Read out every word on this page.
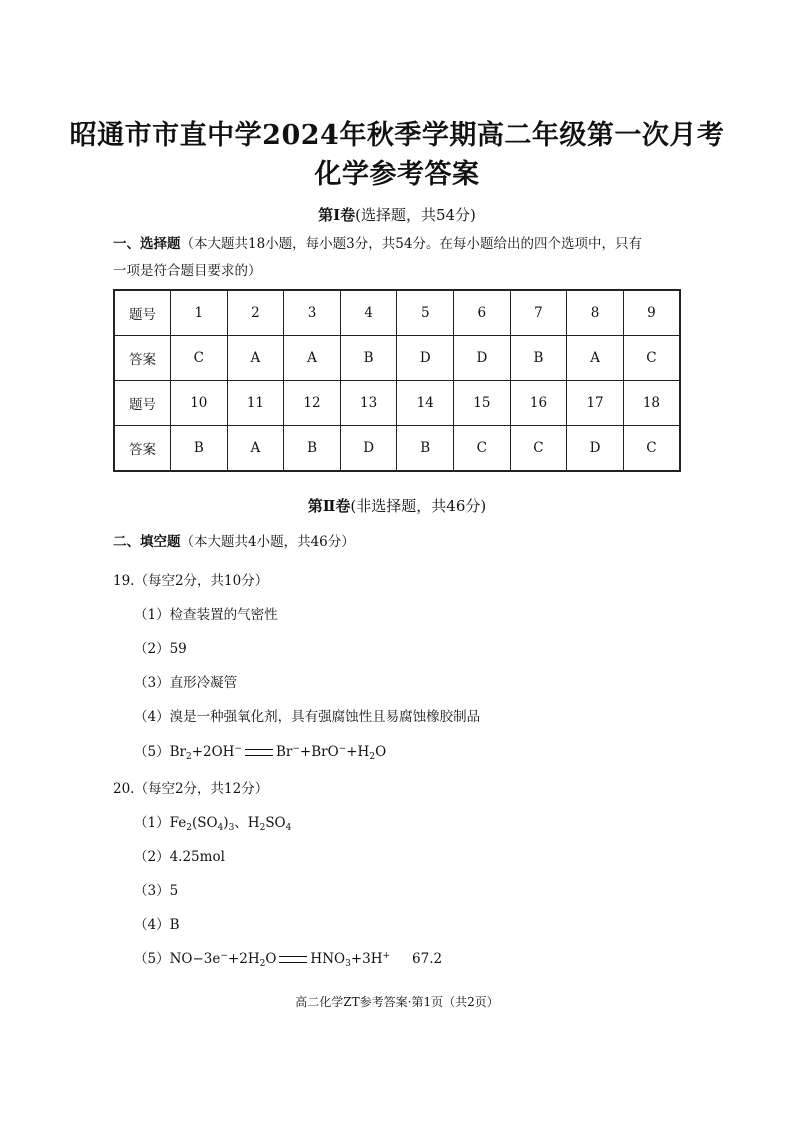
昭通市市直中学2024年秋季学期高二年级第一次月考
化学参考答案
第Ⅰ卷(选择题，共54分)
一、选择题（本大题共18小题，每小题3分，共54分。在每小题给出的四个选项中，只有
一项是符合题目要求的）
题号	1	2	3	4	5	6	7	8	9
答案	C	A	A	B	D	D	B	A	C
题号	10	11	12	13	14	15	16	17	18
答案	B	A	B	D	B	C	C	D	C
第Ⅱ卷(非选择题，共46分)
二、填空题（本大题共4小题，共46分）
19.（每空2分，共10分）
（1）检查装置的气密性
（2）59
（3）直形冷凝管
（4）溴是一种强氧化剂，具有强腐蚀性且易腐蚀橡胶制品
$(5)Br_2+2OH^-$	$Br^-+BrO^-+H_2O$
20.（每空2分，共12分）
$(1)Fe_2(SO_4)_3$、$H_2SO_4$
（2）4.25mol
（3）5
（4）B
$(5)NO-3e^-+2H_2O$	$HNO_3+3H^+$ 67.2
高二化学ZT参考答案·第1页（共2页）
